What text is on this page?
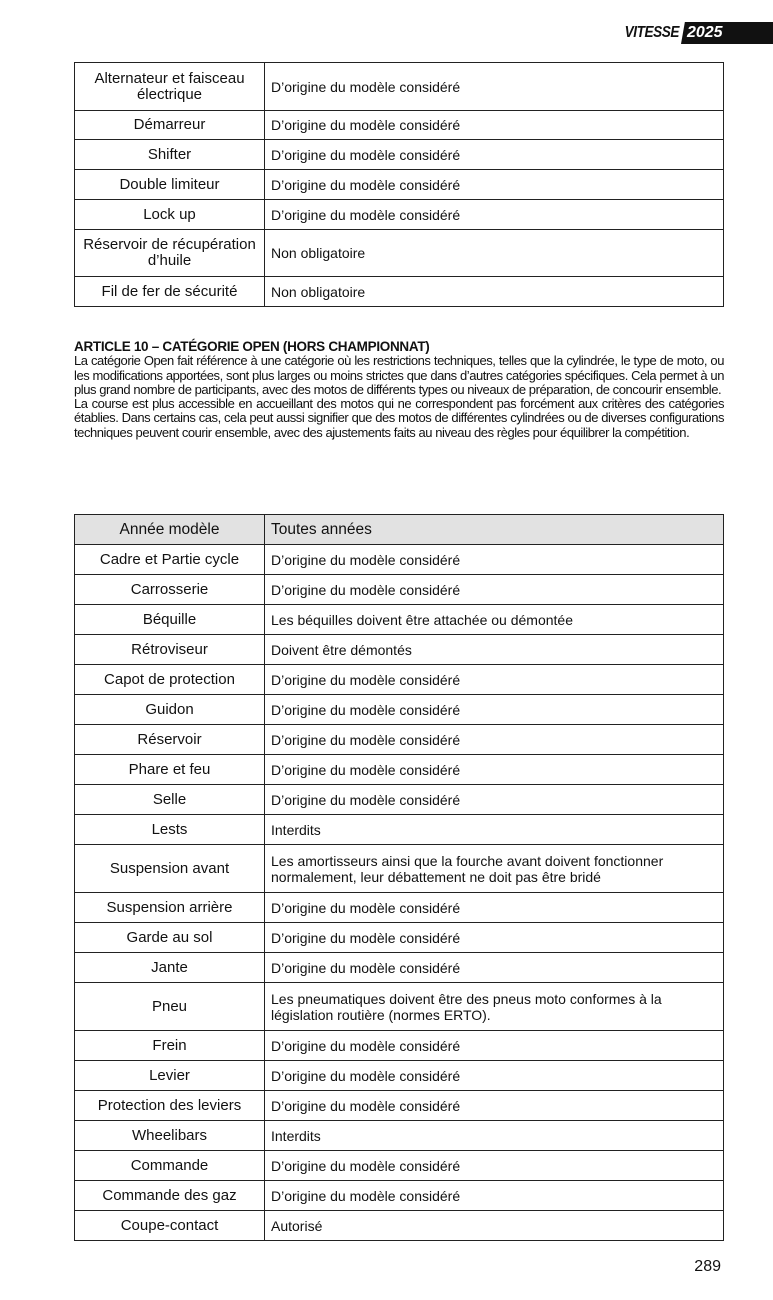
VITESSE 2025
Alternateur et faisceau électrique	D’origine du modèle considéré
Démarreur	D’origine du modèle considéré
Shifter	D’origine du modèle considéré
Double limiteur	D’origine du modèle considéré
Lock up	D’origine du modèle considéré
Réservoir de récupération d’huile	Non obligatoire
Fil de fer de sécurité	Non obligatoire
ARTICLE 10 – CATÉGORIE OPEN (HORS CHAMPIONNAT)

La catégorie Open fait référence à une catégorie où les restrictions techniques, telles que la cylindrée, le type de moto, ou les modifications apportées, sont plus larges ou moins strictes que dans d’autres catégories spécifiques. Cela permet à un plus grand nombre de participants, avec des motos de différents types ou niveaux de préparation, de concourir ensemble.

La course est plus accessible en accueillant des motos qui ne correspondent pas forcément aux critères des catégories établies. Dans certains cas, cela peut aussi signifier que des motos de différentes cylindrées ou de diverses configurations techniques peuvent courir ensemble, avec des ajustements faits au niveau des règles pour équilibrer la compétition.

Année modèle	Toutes années
Cadre et Partie cycle	D’origine du modèle considéré
Carrosserie	D’origine du modèle considéré
Béquille	Les béquilles doivent être attachée ou démontée
Rétroviseur	Doivent être démontés
Capot de protection	D’origine du modèle considéré
Guidon	D’origine du modèle considéré
Réservoir	D’origine du modèle considéré
Phare et feu	D’origine du modèle considéré
Selle	D’origine du modèle considéré
Lests	Interdits
Suspension avant	Les amortisseurs ainsi que la fourche avant doivent fonctionner normalement, leur débattement ne doit pas être bridé
Suspension arrière	D’origine du modèle considéré
Garde au sol	D’origine du modèle considéré
Jante	D’origine du modèle considéré
Pneu	Les pneumatiques doivent être des pneus moto conformes à la législation routière (normes ERTO).
Frein	D’origine du modèle considéré
Levier	D’origine du modèle considéré
Protection des leviers	D’origine du modèle considéré
Wheelibars	Interdits
Commande	D’origine du modèle considéré
Commande des gaz	D’origine du modèle considéré
Coupe-contact	Autorisé
289
